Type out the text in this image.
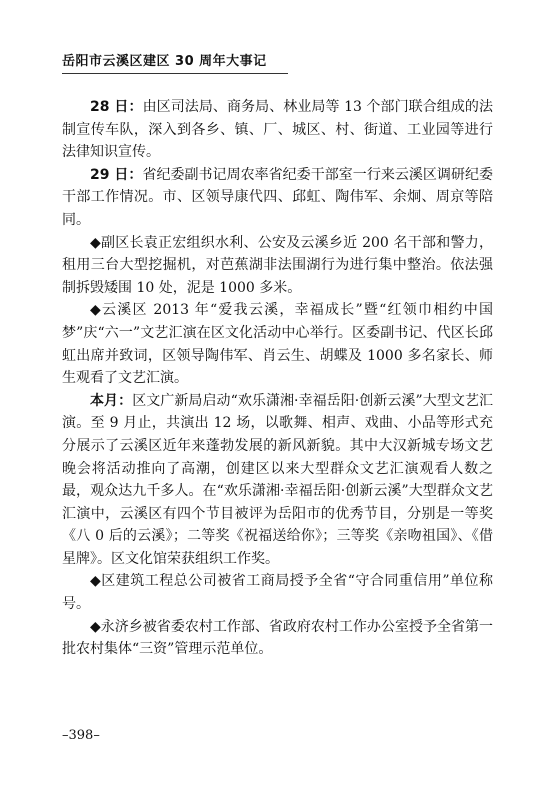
岳阳市云溪区建区 30 周年大事记

28 日：由区司法局、商务局、林业局等 13 个部门联合组成的法制宣传车队，深入到各乡、镇、厂、城区、村、街道、工业园等进行法律知识宣传。

29 日：省纪委副书记周农率省纪委干部室一行来云溪区调研纪委干部工作情况。市、区领导康代四、邱虹、陶伟军、余炯、周京等陪同。

◆副区长袁正宏组织水利、公安及云溪乡近 200 名干部和警力，租用三台大型挖掘机，对芭蕉湖非法围湖行为进行集中整治。依法强制拆毁矮围 10 处，泥是 1000 多米。

◆云溪区 2013 年“爱我云溪，幸福成长”暨“红领巾相约中国梦”庆“六一”文艺汇演在区文化活动中心举行。区委副书记、代区长邱虹出席并致词，区领导陶伟军、肖云生、胡蝶及 1000 多名家长、师生观看了文艺汇演。

本月：区文广新局启动“欢乐潇湘·幸福岳阳·创新云溪”大型文艺汇演。至 9 月止，共演出 12 场，以歌舞、相声、戏曲、小品等形式充分展示了云溪区近年来蓬勃发展的新风新貌。其中大汉新城专场文艺晚会将活动推向了高潮，创建区以来大型群众文艺汇演观看人数之最，观众达九千多人。在“欢乐潇湘·幸福岳阳·创新云溪”大型群众文艺汇演中，云溪区有四个节目被评为岳阳市的优秀节目，分别是一等奖《八 0 后的云溪》；二等奖《祝福送给你》；三等奖《亲吻祖国》、《借星牌》。区文化馆荣获组织工作奖。

◆区建筑工程总公司被省工商局授予全省“守合同重信用”单位称号。

◆永济乡被省委农村工作部、省政府农村工作办公室授予全省第一批农村集体“三资”管理示范单位。

–398–
